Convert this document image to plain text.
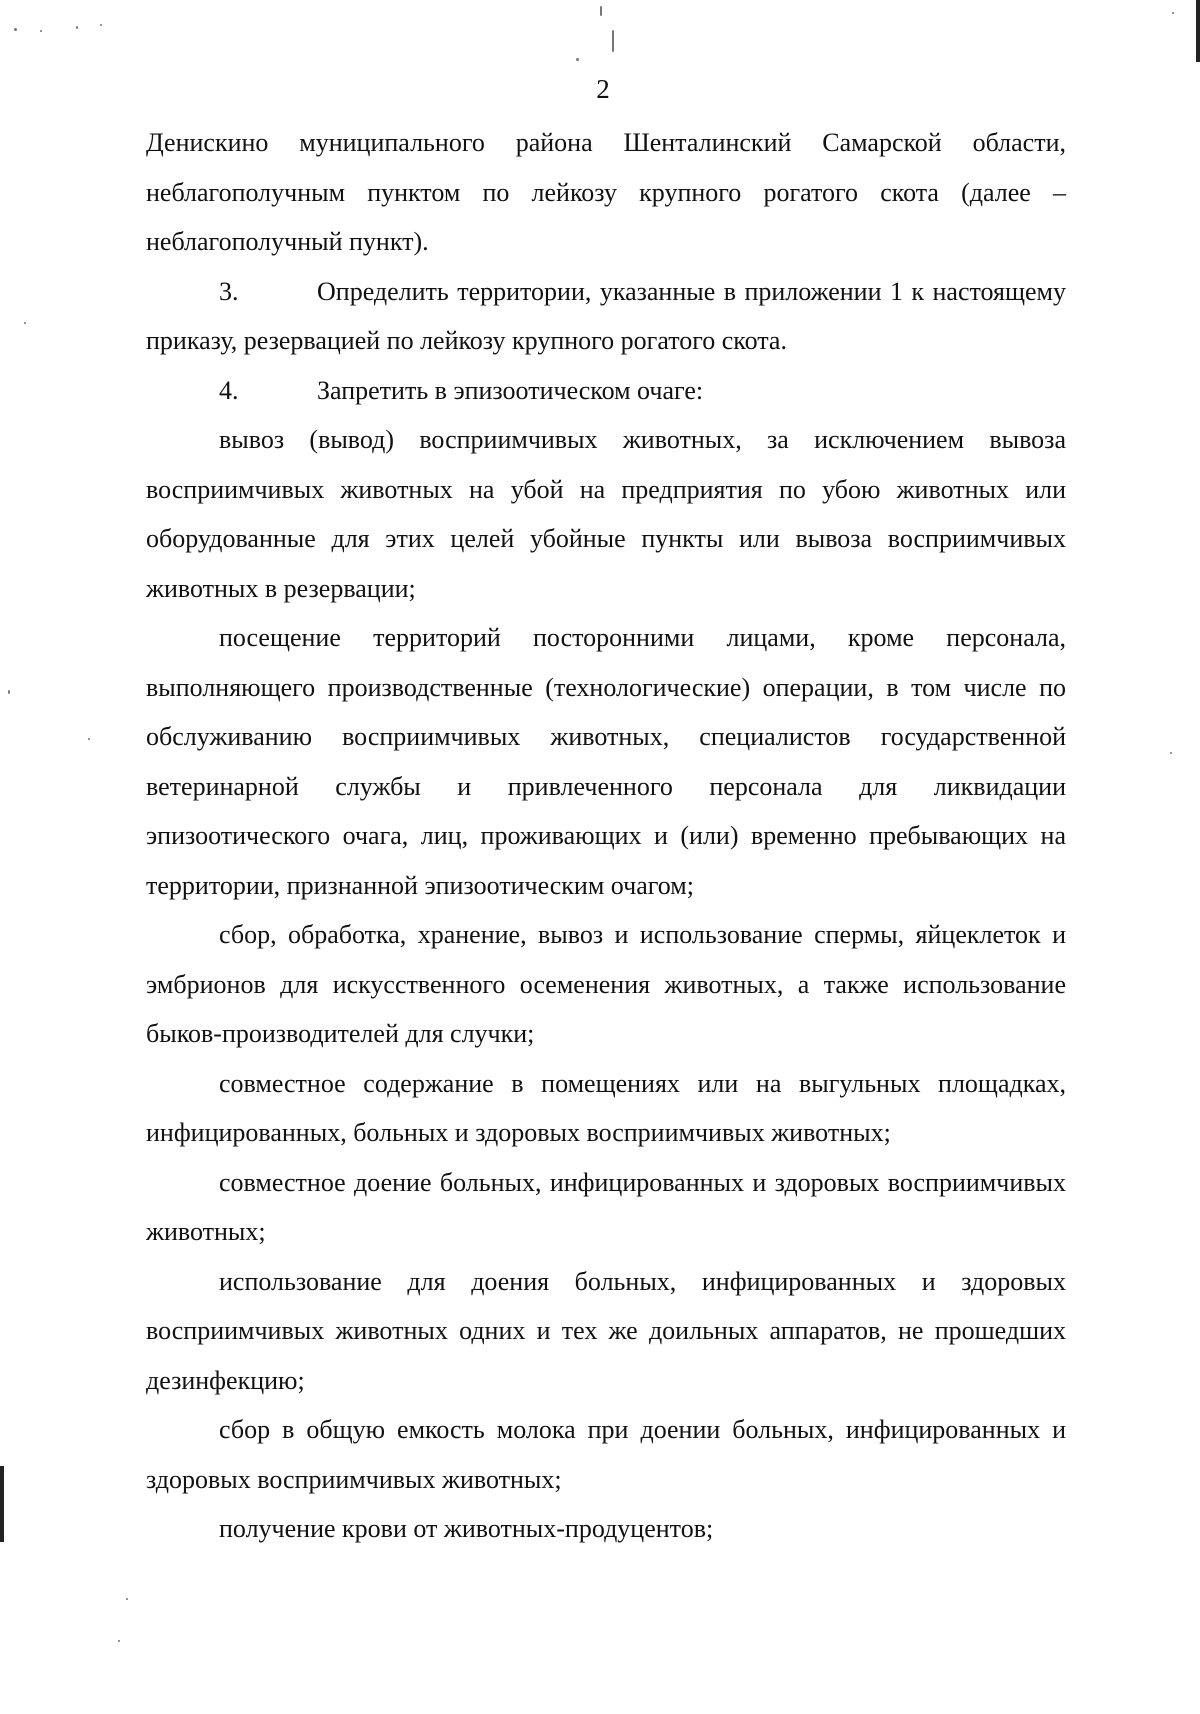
2

Денискино муниципального района Шенталинский Самарской области, неблагополучным пунктом по лейкозу крупного рогатого скота (далее – неблагополучный пункт).

3.	Определить территории, указанные в приложении 1 к настоящему приказу, резервацией по лейкозу крупного рогатого скота.

4.	Запретить в эпизоотическом очаге:

вывоз (вывод) восприимчивых животных, за исключением вывоза восприимчивых животных на убой на предприятия по убою животных или оборудованные для этих целей убойные пункты или вывоза восприимчивых животных в резервации;

посещение территорий посторонними лицами, кроме персонала, выполняющего производственные (технологические) операции, в том числе по обслуживанию восприимчивых животных, специалистов государственной ветеринарной службы и привлеченного персонала для ликвидации эпизоотического очага, лиц, проживающих и (или) временно пребывающих на территории, признанной эпизоотическим очагом;

сбор, обработка, хранение, вывоз и использование спермы, яйцеклеток и эмбрионов для искусственного осеменения животных, а также использование быков-производителей для случки;

совместное содержание в помещениях или на выгульных площадках, инфицированных, больных и здоровых восприимчивых животных;

совместное доение больных, инфицированных и здоровых восприимчивых животных;

использование для доения больных, инфицированных и здоровых восприимчивых животных одних и тех же доильных аппаратов, не прошедших дезинфекцию;

сбор в общую емкость молока при доении больных, инфицированных и здоровых восприимчивых животных;

получение крови от животных-продуцентов;
